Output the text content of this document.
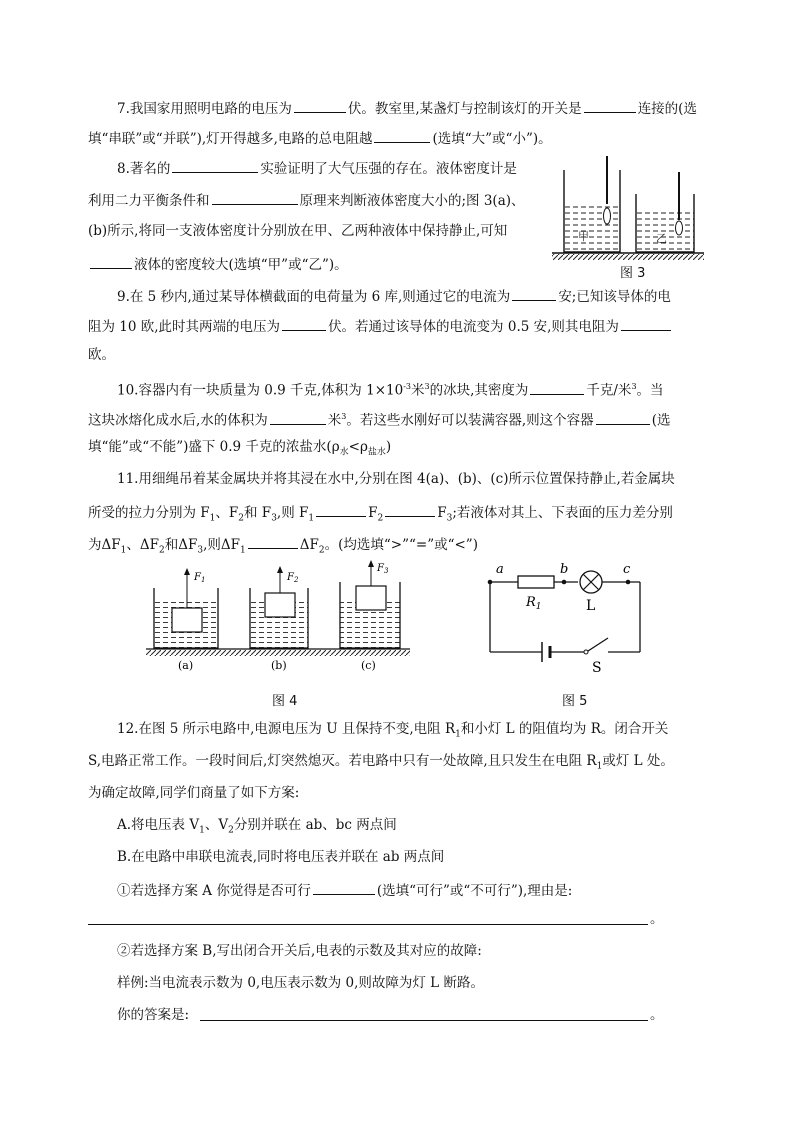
7.我国家用照明电路的电压为	伏。教室里,某盏灯与控制该灯的开关是	连接的(选
填“串联”或“并联”),灯开得越多,电路的总电阻越	(选填“大”或“小”)。
8.著名的	实验证明了大气压强的存在。液体密度计是
利用二力平衡条件和	原理来判断液体密度大小的;图 3(a)、
(b)所示,将同一支液体密度计分别放在甲、乙两种液体中保持静止,可知
液体的密度较大(选填“甲”或“乙”)。
甲	乙
图 3
9.在 5 秒内,通过某导体横截面的电荷量为 6 库,则通过它的电流为	安;已知该导体的电
阻为 10 欧,此时其两端的电压为	伏。若通过该导体的电流变为 0.5 安,则其电阻为
欧。
10.容器内有一块质量为 0.9 千克,体积为 $1\times 10^{-3}$米$^3$的冰块,其密度为	千克/米$^3$。当
这块冰熔化成水后,水的体积为	米$^3$。若这些水刚好可以装满容器,则这个容器	(选
填“能”或“不能”)盛下 0.9 千克的浓盐水$(\rho_水<\rho_{盐水})$
11.用细绳吊着某金属块并将其浸在水中,分别在图 4(a)、(b)、(c)所示位置保持静止,若金属块
所受的拉力分别为 $F_1$、$F_2$和 $F_3$,则 $F_1$	$F_2$	$F_3$;若液体对其上、下表面的压力差分别
为$\Delta F_1$、$\Delta F_2$和$\Delta F_3$,则$\Delta F_1$	$\Delta F_2$。(均选填“>”“=”或“<”)
$F_1$	$F_2$
$F_3$
(a)	(b)	(c)
图 4
a	b	c
$R_1$	L
S
图 5
12.在图 5 所示电路中,电源电压为 U 且保持不变,电阻 $R_1$和小灯 L 的阻值均为 R。闭合开关
S,电路正常工作。一段时间后,灯突然熄灭。若电路中只有一处故障,且只发生在电阻 $R_1$或灯 L 处。
为确定故障,同学们商量了如下方案:
A.将电压表 $V_1$、$V_2$分别并联在 ab、bc 两点间
B.在电路中串联电流表,同时将电压表并联在 ab 两点间
①若选择方案 A 你觉得是否可行	(选填“可行”或“不可行”),理由是:
。
②若选择方案 B,写出闭合开关后,电表的示数及其对应的故障:
样例:当电流表示数为 0,电压表示数为 0,则故障为灯 L 断路。
你的答案是:	。
